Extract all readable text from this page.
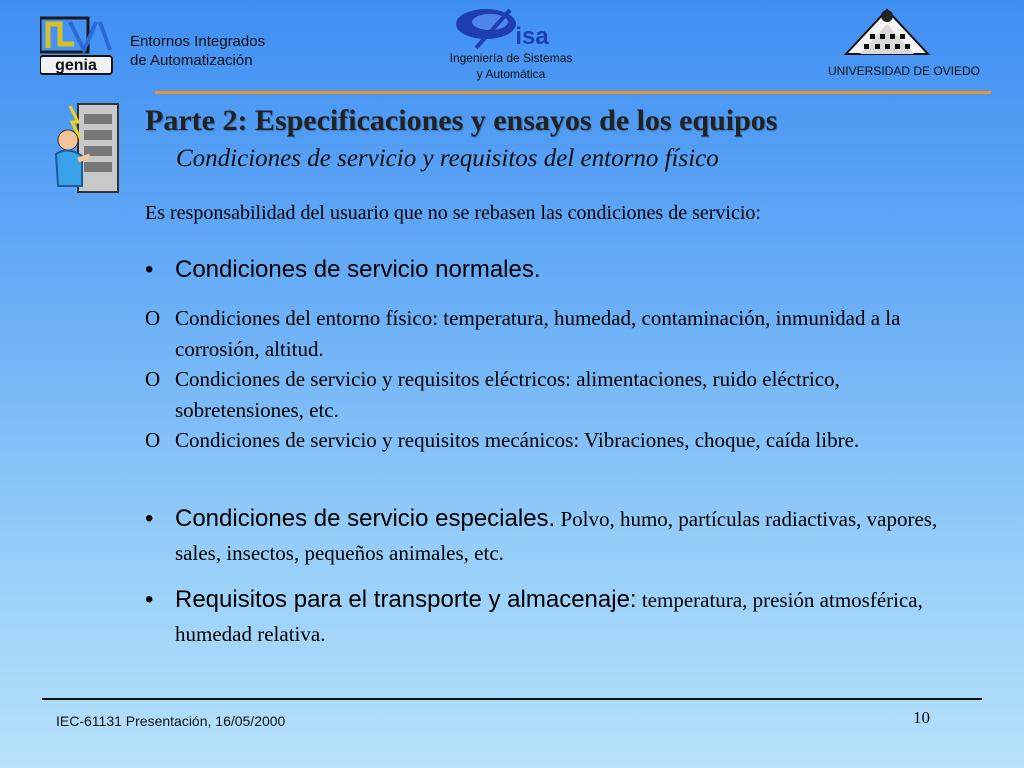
genia
Entornos Integrados
de Automatización
isa
Ingeniería de Sistemas
y Automática	UNIVERSIDAD DE OVIEDO
Parte 2: Especificaciones y ensayos de los equipos
Condiciones de servicio y requisitos del entorno físico
Es responsabilidad del usuario que no se rebasen las condiciones de servicio:
• Condiciones de servicio normales.
O Condiciones del entorno físico: temperatura, humedad, contaminación, inmunidad a la corrosión, altitud.
O Condiciones de servicio y requisitos eléctricos: alimentaciones, ruido eléctrico, sobretensiones, etc.
O Condiciones de servicio y requisitos mecánicos: Vibraciones, choque, caída libre.
• Condiciones de servicio especiales. Polvo, humo, partículas radiactivas, vapores, sales, insectos, pequeños animales, etc.
• Requisitos para el transporte y almacenaje: temperatura, presión atmosférica, humedad relativa.
IEC-61131 Presentación, 16/05/2000	10
